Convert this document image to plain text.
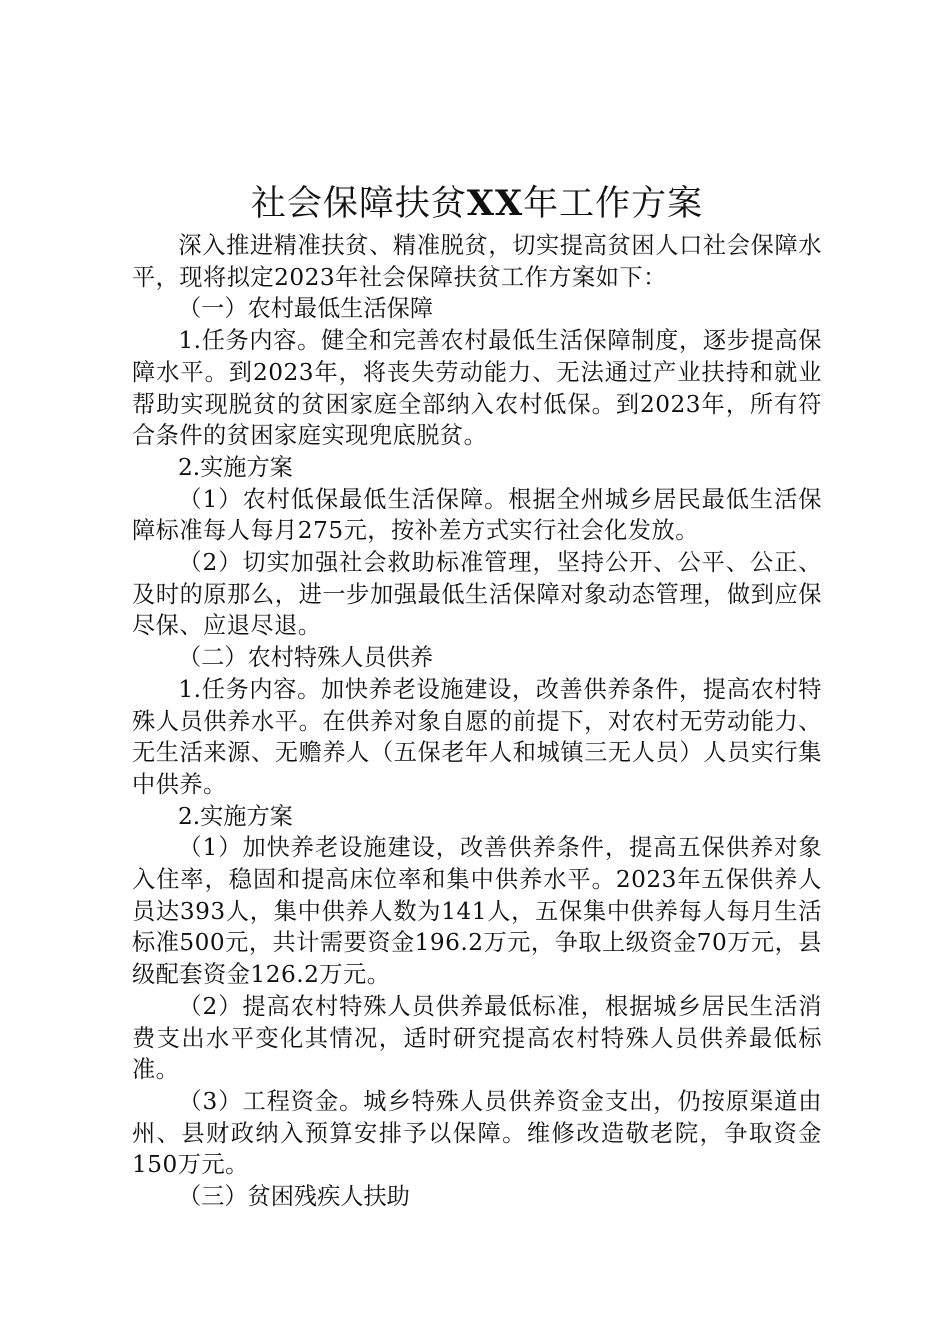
社会保障扶贫XX年工作方案

深入推进精准扶贫、精准脱贫，切实提高贫困人口社会保障水平，现将拟定2023年社会保障扶贫工作方案如下：

（一）农村最低生活保障

1.任务内容。健全和完善农村最低生活保障制度，逐步提高保障水平。到2023年，将丧失劳动能力、无法通过产业扶持和就业帮助实现脱贫的贫困家庭全部纳入农村低保。到2023年，所有符合条件的贫困家庭实现兜底脱贫。

2.实施方案

（1）农村低保最低生活保障。根据全州城乡居民最低生活保障标准每人每月275元，按补差方式实行社会化发放。

（2）切实加强社会救助标准管理，坚持公开、公平、公正、及时的原那么，进一步加强最低生活保障对象动态管理，做到应保尽保、应退尽退。

（二）农村特殊人员供养

1.任务内容。加快养老设施建设，改善供养条件，提高农村特殊人员供养水平。在供养对象自愿的前提下，对农村无劳动能力、无生活来源、无赡养人（五保老年人和城镇三无人员）人员实行集中供养。

2.实施方案

（1）加快养老设施建设，改善供养条件，提高五保供养对象入住率，稳固和提高床位率和集中供养水平。2023年五保供养人员达393人，集中供养人数为141人，五保集中供养每人每月生活标准500元，共计需要资金196.2万元，争取上级资金70万元，县级配套资金126.2万元。

（2）提高农村特殊人员供养最低标准，根据城乡居民生活消费支出水平变化其情况，适时研究提高农村特殊人员供养最低标准。

（3）工程资金。城乡特殊人员供养资金支出，仍按原渠道由州、县财政纳入预算安排予以保障。维修改造敬老院，争取资金150万元。

（三）贫困残疾人扶助
